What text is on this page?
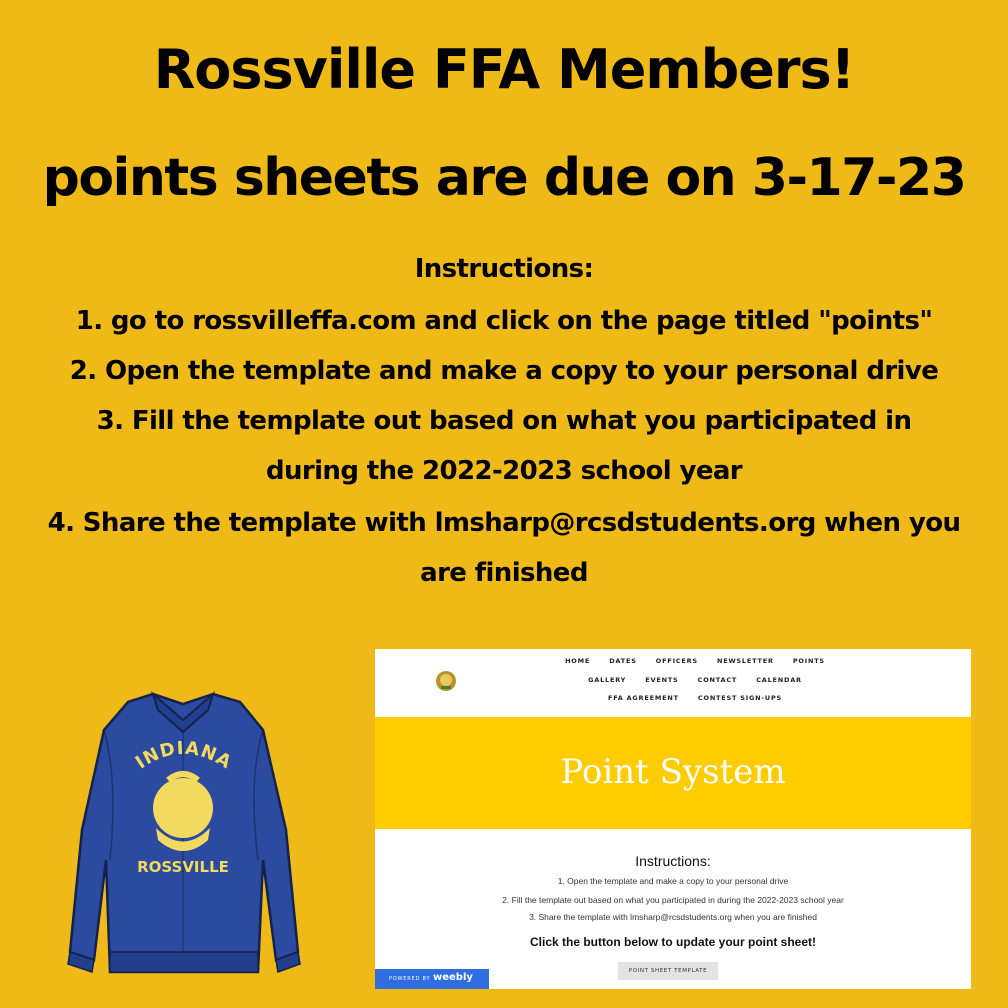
Rossville FFA Members!
points sheets are due on 3-17-23
Instructions:
1. go to rossvilleffa.com and click on the page titled "points"
2. Open the template and make a copy to your personal drive
3. Fill the template out based on what you participated in
during the 2022-2023 school year
4. Share the template with lmsharp@rcsdstudents.org when you
are finished
INDIANA
ROSSVILLE
HOME	DATES	OFFICERS	NEWSLETTER	POINTS
GALLERY	EVENTS	CONTACT	CALENDAR
FFA AGREEMENT	CONTEST SIGN-UPS
Point System
Instructions:
1. Open the template and make a copy to your personal drive
2. Fill the template out based on what you participated in during the 2022-2023 school year
3. Share the template with lmsharp@rcsdstudents.org when you are finished
Click the button below to update your point sheet!
POINT SHEET TEMPLATE
POWERED BY weebly
